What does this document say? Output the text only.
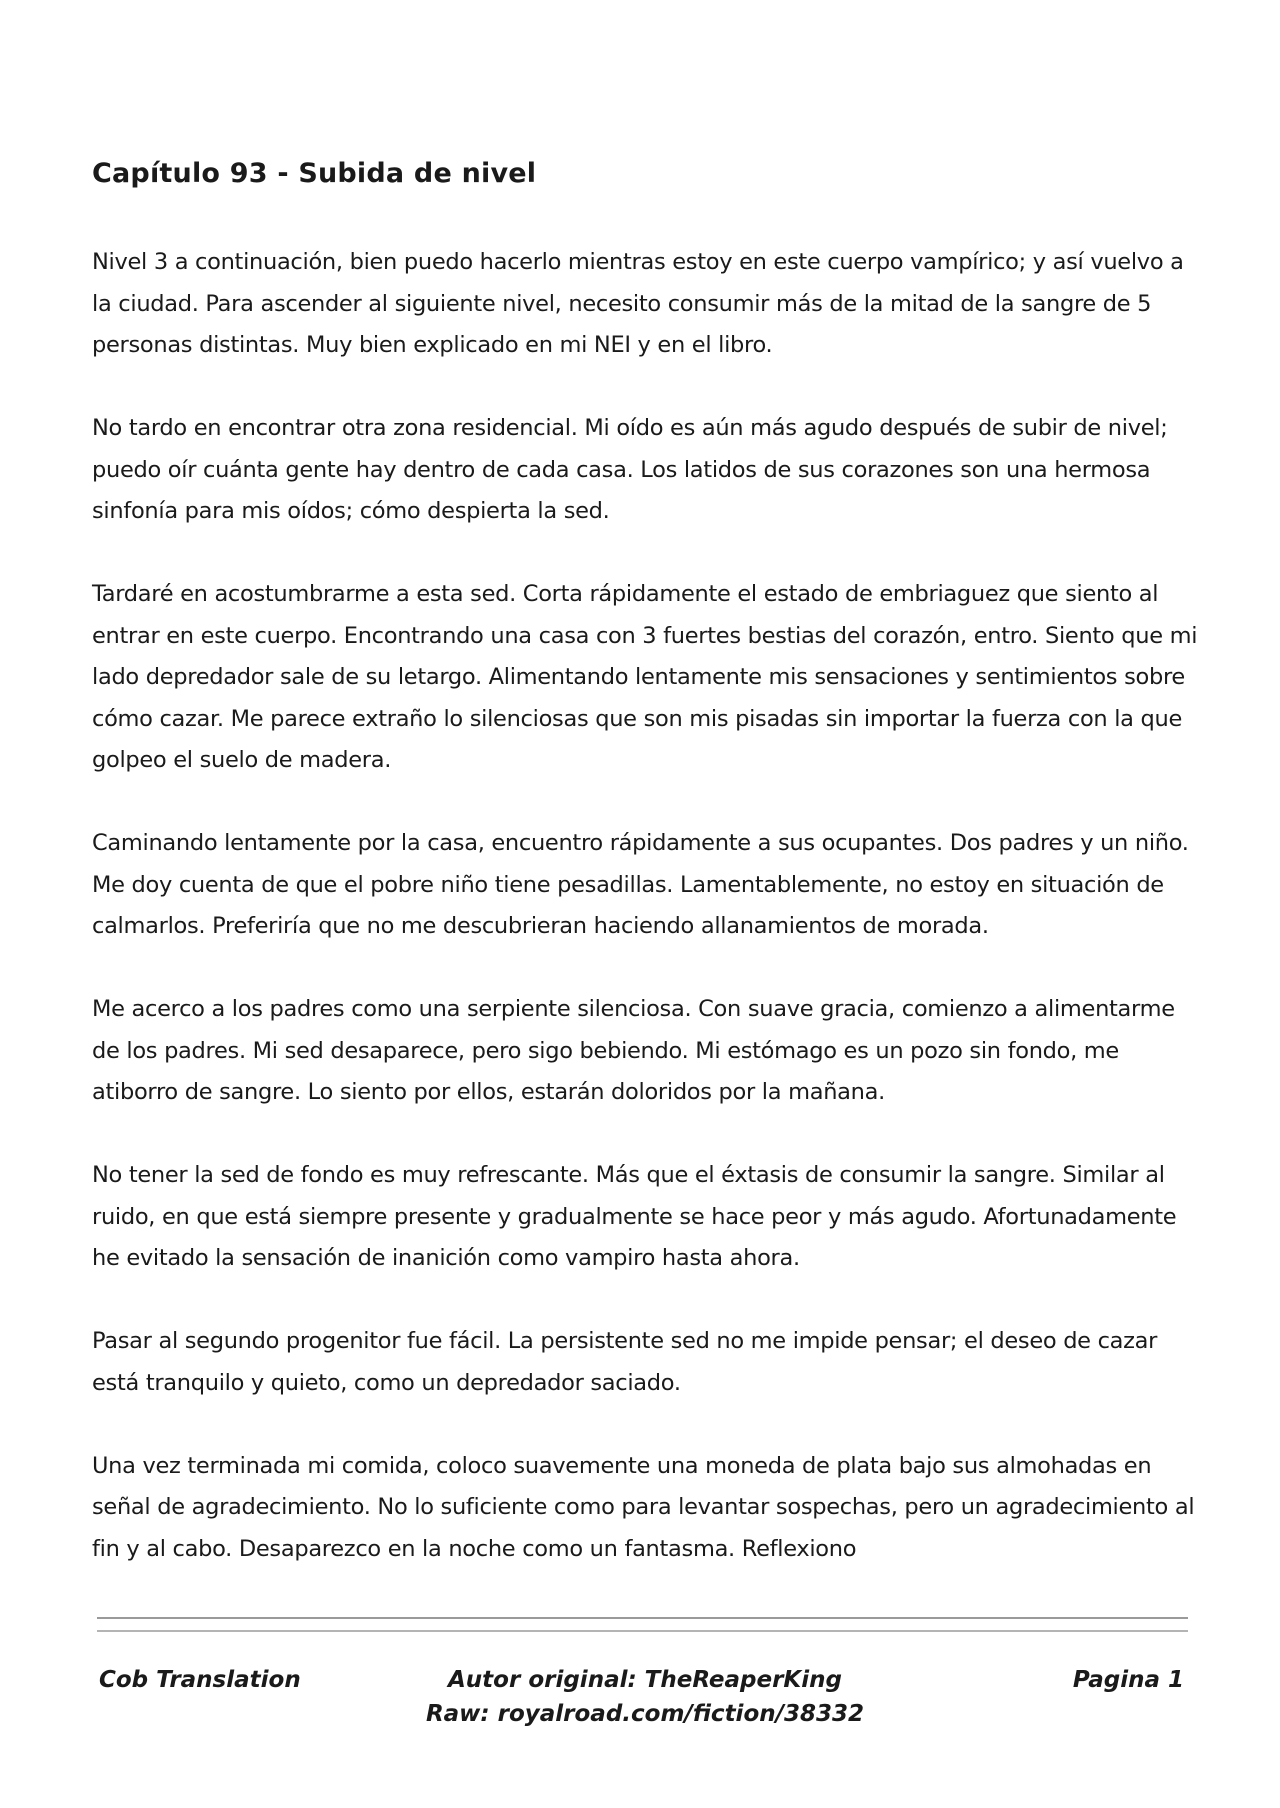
Capítulo 93 - Subida de nivel

Nivel 3 a continuación, bien puedo hacerlo mientras estoy en este cuerpo vampírico; y así vuelvo a la ciudad. Para ascender al siguiente nivel, necesito consumir más de la mitad de la sangre de 5 personas distintas. Muy bien explicado en mi NEI y en el libro.

No tardo en encontrar otra zona residencial. Mi oído es aún más agudo después de subir de nivel; puedo oír cuánta gente hay dentro de cada casa. Los latidos de sus corazones son una hermosa sinfonía para mis oídos; cómo despierta la sed.

Tardaré en acostumbrarme a esta sed. Corta rápidamente el estado de embriaguez que siento al entrar en este cuerpo. Encontrando una casa con 3 fuertes bestias del corazón, entro. Siento que mi lado depredador sale de su letargo. Alimentando lentamente mis sensaciones y sentimientos sobre cómo cazar. Me parece extraño lo silenciosas que son mis pisadas sin importar la fuerza con la que golpeo el suelo de madera.

Caminando lentamente por la casa, encuentro rápidamente a sus ocupantes. Dos padres y un niño. Me doy cuenta de que el pobre niño tiene pesadillas. Lamentablemente, no estoy en situación de calmarlos. Preferiría que no me descubrieran haciendo allanamientos de morada.

Me acerco a los padres como una serpiente silenciosa. Con suave gracia, comienzo a alimentarme de los padres. Mi sed desaparece, pero sigo bebiendo. Mi estómago es un pozo sin fondo, me atiborro de sangre. Lo siento por ellos, estarán doloridos por la mañana.

No tener la sed de fondo es muy refrescante. Más que el éxtasis de consumir la sangre. Similar al ruido, en que está siempre presente y gradualmente se hace peor y más agudo. Afortunadamente he evitado la sensación de inanición como vampiro hasta ahora.

Pasar al segundo progenitor fue fácil. La persistente sed no me impide pensar; el deseo de cazar está tranquilo y quieto, como un depredador saciado.

Una vez terminada mi comida, coloco suavemente una moneda de plata bajo sus almohadas en señal de agradecimiento. No lo suficiente como para levantar sospechas, pero un agradecimiento al fin y al cabo. Desaparezco en la noche como un fantasma. Reflexiono

Cob Translation	Autor original: TheReaperKing
Raw: royalroad.com/fiction/38332
Pagina 1
